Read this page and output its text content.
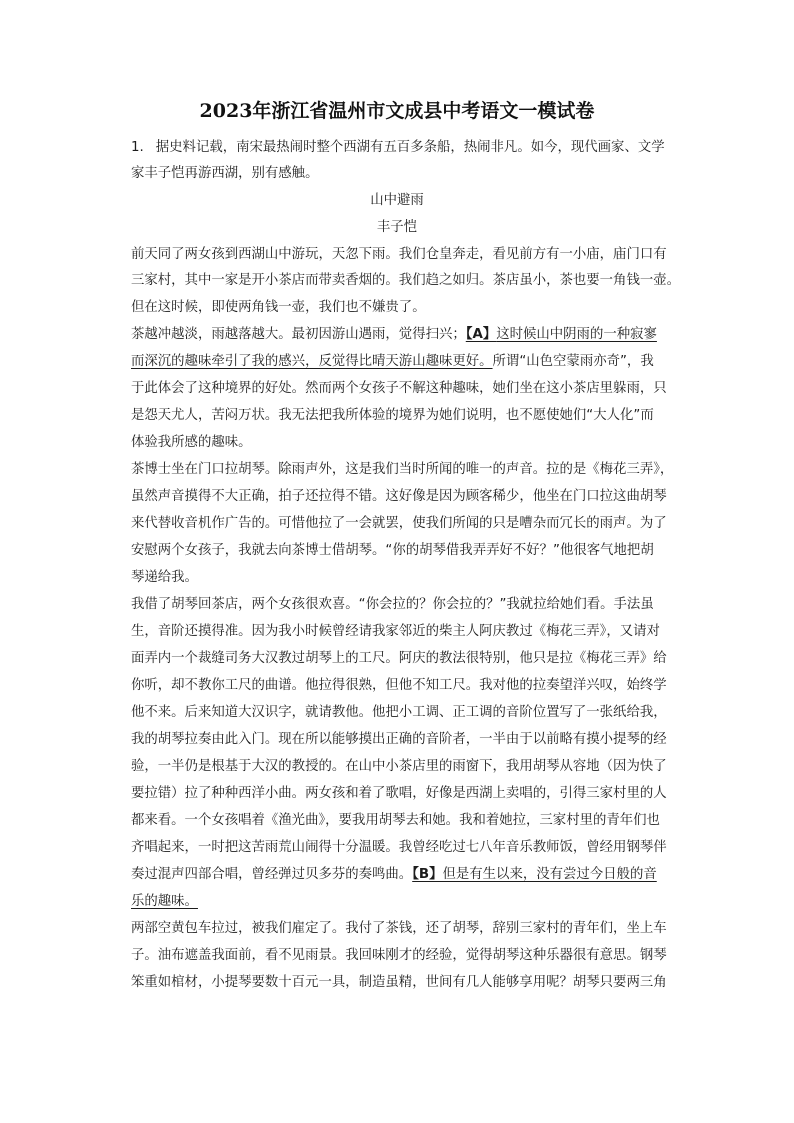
2023年浙江省温州市文成县中考语文一模试卷
1. 据史料记载，南宋最热闹时整个西湖有五百多条船，热闹非凡。如今，现代画家、文学
家丰子恺再游西湖，别有感触。
山中避雨
丰子恺
前天同了两女孩到西湖山中游玩，天忽下雨。我们仓皇奔走，看见前方有一小庙，庙门口有
三家村，其中一家是开小茶店而带卖香烟的。我们趋之如归。茶店虽小，茶也要一角钱一壶。
但在这时候，即使两角钱一壶，我们也不嫌贵了。
茶越冲越淡，雨越落越大。最初因游山遇雨，觉得扫兴；【A】这时候山中阴雨的一种寂寥
而深沉的趣味牵引了我的感兴，反觉得比晴天游山趣味更好。所谓“山色空蒙雨亦奇”，我
于此体会了这种境界的好处。然而两个女孩子不解这种趣味，她们坐在这小茶店里躲雨，只
是怨天尤人，苦闷万状。我无法把我所体验的境界为她们说明，也不愿使她们“大人化”而
体验我所感的趣味。
茶博士坐在门口拉胡琴。除雨声外，这是我们当时所闻的唯一的声音。拉的是《梅花三弄》，
虽然声音摸得不大正确，拍子还拉得不错。这好像是因为顾客稀少，他坐在门口拉这曲胡琴
来代替收音机作广告的。可惜他拉了一会就罢，使我们所闻的只是嘈杂而冗长的雨声。为了
安慰两个女孩子，我就去向茶博士借胡琴。“你的胡琴借我弄弄好不好？”他很客气地把胡
琴递给我。
我借了胡琴回茶店，两个女孩很欢喜。“你会拉的？你会拉的？”我就拉给她们看。手法虽
生，音阶还摸得准。因为我小时候曾经请我家邻近的柴主人阿庆教过《梅花三弄》，又请对
面弄内一个裁缝司务大汉教过胡琴上的工尺。阿庆的教法很特别，他只是拉《梅花三弄》给
你听，却不教你工尺的曲谱。他拉得很熟，但他不知工尺。我对他的拉奏望洋兴叹，始终学
他不来。后来知道大汉识字，就请教他。他把小工调、正工调的音阶位置写了一张纸给我，
我的胡琴拉奏由此入门。现在所以能够摸出正确的音阶者，一半由于以前略有摸小提琴的经
验，一半仍是根基于大汉的教授的。在山中小茶店里的雨窗下，我用胡琴从容地（因为快了
要拉错）拉了种种西洋小曲。两女孩和着了歌唱，好像是西湖上卖唱的，引得三家村里的人
都来看。一个女孩唱着《渔光曲》，要我用胡琴去和她。我和着她拉，三家村里的青年们也
齐唱起来，一时把这苦雨荒山闹得十分温暖。我曾经吃过七八年音乐教师饭，曾经用钢琴伴
奏过混声四部合唱，曾经弹过贝多芬的奏鸣曲。【B】但是有生以来，没有尝过今日般的音
乐的趣味。
两部空黄包车拉过，被我们雇定了。我付了茶钱，还了胡琴，辞别三家村的青年们，坐上车
子。油布遮盖我面前，看不见雨景。我回味刚才的经验，觉得胡琴这种乐器很有意思。钢琴
笨重如棺材，小提琴要数十百元一具，制造虽精，世间有几人能够享用呢？胡琴只要两三角
